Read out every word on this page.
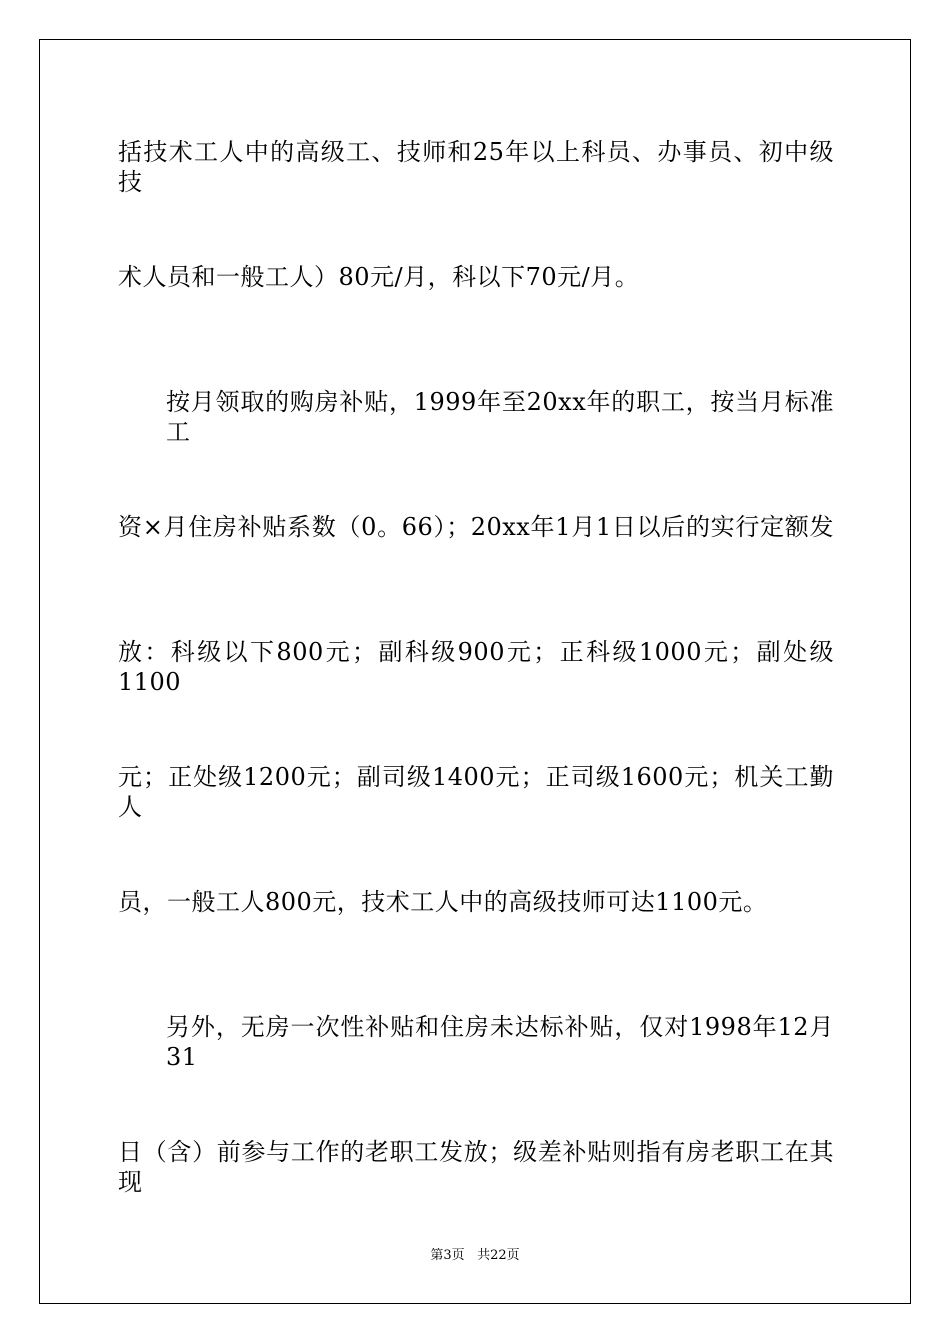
括技术工人中的高级工、技师和25年以上科员、办事员、初中级技
术人员和一般工人）80元/月，科以下70元/月。
按月领取的购房补贴，1999年至20xx年的职工，按当月标准工
资×月住房补贴系数（0。66）；20xx年1月1日以后的实行定额发
放：科级以下800元；副科级900元；正科级1000元；副处级1100
元；正处级1200元；副司级1400元；正司级1600元；机关工勤人
员，一般工人800元，技术工人中的高级技师可达1100元。
另外，无房一次性补贴和住房未达标补贴，仅对1998年12月31
日（含）前参与工作的老职工发放；级差补贴则指有房老职工在其现
第3页 共22页
